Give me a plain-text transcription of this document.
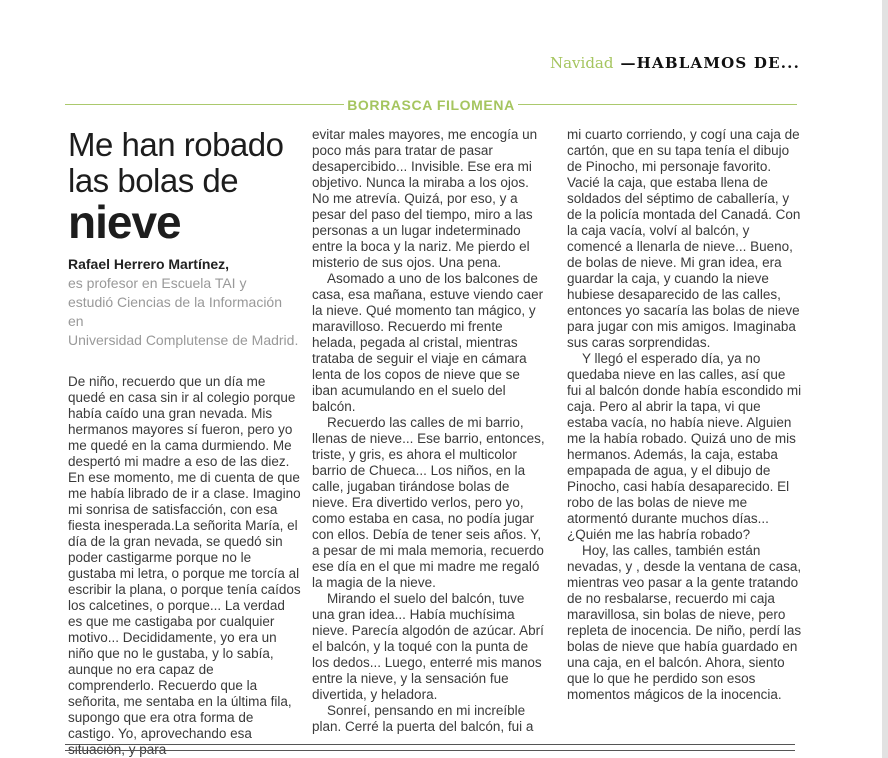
Navidad —HABLAMOS DE...
BORRASCA FILOMENA
Me han robado
las bolas de
nieve
Rafael Herrero Martínez,
es profesor en Escuela TAI y
estudió Ciencias de la Información en
Universidad Complutense de Madrid.

De niño, recuerdo que un día me quedé en casa sin ir al colegio porque había caído una gran nevada. Mis hermanos mayores sí fueron, pero yo me quedé en la cama durmiendo. Me despertó mi madre a eso de las diez. En ese momento, me di cuenta de que me había librado de ir a clase. Imagino mi sonrisa de satisfacción, con esa fiesta inesperada.La señorita María, el día de la gran nevada, se quedó sin poder castigarme porque no le gustaba mi letra, o porque me torcía al escribir la plana, o porque tenía caídos los calcetines, o porque... La verdad es que me castigaba por cualquier motivo... Decididamente, yo era un niño que no le gustaba, y lo sabía, aunque no era capaz de comprenderlo. Recuerdo que la señorita, me sentaba en la última fila, supongo que era otra forma de castigo. Yo, aprovechando esa situación, y para

evitar males mayores, me encogía un poco más para tratar de pasar desapercibido... Invisible. Ese era mi objetivo. Nunca la miraba a los ojos. No me atrevía. Quizá, por eso, y a pesar del paso del tiempo, miro a las personas a un lugar indeterminado entre la boca y la nariz. Me pierdo el misterio de sus ojos. Una pena.

Asomado a uno de los balcones de casa, esa mañana, estuve viendo caer la nieve. Qué momento tan mágico, y maravilloso. Recuerdo mi frente helada, pegada al cristal, mientras trataba de seguir el viaje en cámara lenta de los copos de nieve que se iban acumulando en el suelo del balcón.

Recuerdo las calles de mi barrio, llenas de nieve... Ese barrio, entonces, triste, y gris, es ahora el multicolor barrio de Chueca... Los niños, en la calle, jugaban tirándose bolas de nieve. Era divertido verlos, pero yo, como estaba en casa, no podía jugar con ellos. Debía de tener seis años. Y, a pesar de mi mala memoria, recuerdo ese día en el que mi madre me regaló la magia de la nieve.

Mirando el suelo del balcón, tuve una gran idea... Había muchísima nieve. Parecía algodón de azúcar. Abrí el balcón, y la toqué con la punta de los dedos... Luego, enterré mis manos entre la nieve, y la sensación fue divertida, y heladora.

Sonreí, pensando en mi increíble plan. Cerré la puerta del balcón, fui a

mi cuarto corriendo, y cogí una caja de cartón, que en su tapa tenía el dibujo de Pinocho, mi personaje favorito. Vacié la caja, que estaba llena de soldados del séptimo de caballería, y de la policía montada del Canadá. Con la caja vacía, volví al balcón, y comencé a llenarla de nieve... Bueno, de bolas de nieve. Mi gran idea, era guardar la caja, y cuando la nieve hubiese desaparecido de las calles, entonces yo sacaría las bolas de nieve para jugar con mis amigos. Imaginaba sus caras sorprendidas.

Y llegó el esperado día, ya no quedaba nieve en las calles, así que fui al balcón donde había escondido mi caja. Pero al abrir la tapa, vi que estaba vacía, no había nieve. Alguien me la había robado. Quizá uno de mis hermanos. Además, la caja, estaba empapada de agua, y el dibujo de Pinocho, casi había desaparecido. El robo de las bolas de nieve me atormentó durante muchos días... ¿Quién me las habría robado?

Hoy, las calles, también están nevadas, y , desde la ventana de casa, mientras veo pasar a la gente tratando de no resbalarse, recuerdo mi caja maravillosa, sin bolas de nieve, pero repleta de inocencia. De niño, perdí las bolas de nieve que había guardado en una caja, en el balcón. Ahora, siento que lo que he perdido son esos momentos mágicos de la inocencia.
